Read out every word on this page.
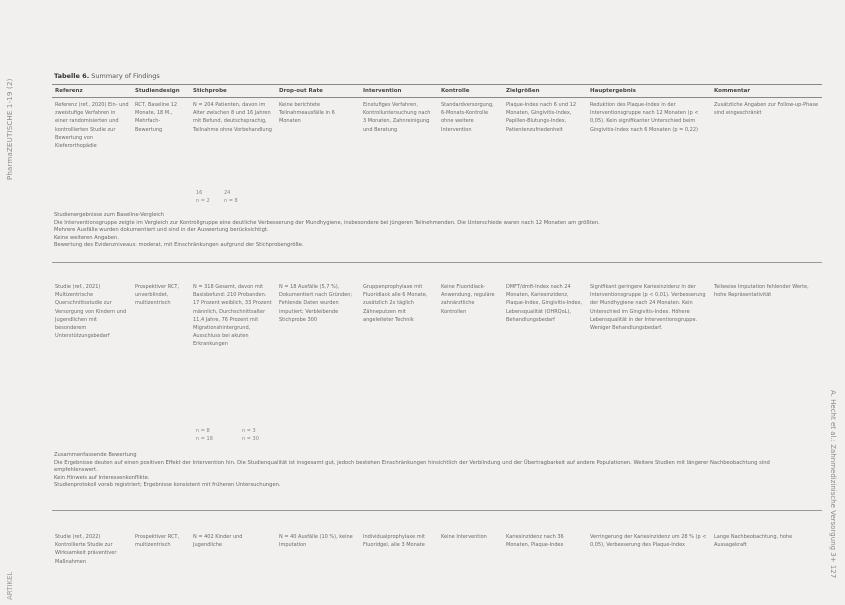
PharmaZEUTISCHE 1-19 (2)
ARTIKEL
A. Hecht et al.: Zahnmedizinische Versorgung 3+ 127
Tabelle 6. Summary of Findings
Referenz	Studiendesign	Stichprobe	Drop-out Rate	Intervention	Kontrolle	Zielgrößen	Hauptergebnis	Kommentar
Referenz (ref., 2020) Ein- und zweistufige Verfahren in einer randomisierten und kontrollierten Studie zur Bewertung von Kieferorthopädie	RCT, Baseline 12 Monate, 18 M., Mehrfach-Bewertung	N = 204 Patienten, davon im Alter zwischen 8 und 16 Jahren mit Befund, deutschsprachig, Teilnahme ohne Vorbehandlung	Keine berichtete Teilnahmeausfälle in 6 Monaten	Einstufiges Verfahren, Kontrolluntersuchung nach 3 Monaten, Zahnreinigung und Beratung	Standardversorgung, 6-Monats-Kontrolle ohne weitere Intervention	Plaque-Index nach 6 und 12 Monaten, Gingivitis-Index, Papillen-Blutungs-Index, Patientenzufriedenheit	Reduktion des Plaque-Index in der Interventionsgruppe nach 12 Monaten (p < 0,05). Kein signifikanter Unterschied beim Gingivitis-Index nach 6 Monaten (p = 0,22)	Zusätzliche Angaben zur Follow-up-Phase sind eingeschränkt
16	24
n = 2	n = 8
Studienergebnisse zum Baseline-Vergleich
Die Interventionsgruppe zeigte im Vergleich zur Kontrollgruppe eine deutliche Verbesserung der Mundhygiene, insbesondere bei jüngeren Teilnehmenden. Die Unterschiede waren nach 12 Monaten am größten.
Mehrere Ausfälle wurden dokumentiert und sind in der Auswertung berücksichtigt.
Keine weiteren Angaben.
Bewertung des Evidenzniveaus: moderat, mit Einschränkungen aufgrund der Stichprobengröße.
Studie (ref., 2021) Multizentrische Querschnittsstudie zur Versorgung von Kindern und Jugendlichen mit besonderem Unterstützungsbedarf	Prospektiver RCT, unverblindet, multizentrisch	N = 318 Gesamt, davon mit Basisbefund: 210 Probanden. 17 Prozent weiblich, 33 Prozent männlich, Durchschnittsalter 11,4 Jahre, 76 Prozent mit Migrationshintergrund, Ausschluss bei akuten Erkrankungen	N = 18 Ausfälle (5,7 %), Dokumentiert nach Gründen; Fehlende Daten wurden imputiert; Verbleibende Stichprobe 300	Gruppenprophylaxe mit Fluoridlack alle 6 Monate, zusätzlich 2x täglich Zähneputzen mit angeleiteter Technik	Keine Fluoridlack-Anwendung, reguläre zahnärztliche Kontrollen	DMFT/dmft-Index nach 24 Monaten, Kariesinzidenz, Plaque-Index, Gingivitis-Index, Lebensqualität (OHRQoL), Behandlungsbedarf	Signifikant geringere Kariesinzidenz in der Interventionsgruppe (p < 0,01). Verbesserung der Mundhygiene nach 24 Monaten. Kein Unterschied im Gingivitis-Index. Höhere Lebensqualität in der Interventionsgruppe. Weniger Behandlungsbedarf.	Teilweise Imputation fehlender Werte, hohe Repräsentativität
n = 8	n = 3
n = 18	n = 30
Zusammenfassende Bewertung
Die Ergebnisse deuten auf einen positiven Effekt der Intervention hin. Die Studienqualität ist insgesamt gut, jedoch bestehen Einschränkungen hinsichtlich der Verblindung und der Übertragbarkeit auf andere Populationen. Weitere Studien mit längerer Nachbeobachtung sind empfehlenswert.
Kein Hinweis auf Interessenkonflikte.
Studienprotokoll vorab registriert; Ergebnisse konsistent mit früheren Untersuchungen.
Studie (ref., 2022) Kontrollierte Studie zur Wirksamkeit präventiver Maßnahmen	Prospektiver RCT, multizentrisch	N = 402 Kinder und Jugendliche	N = 40 Ausfälle (10 %), keine Imputation	Individualprophylaxe mit Fluoridgel, alle 3 Monate	Keine Intervention	Kariesinzidenz nach 36 Monaten, Plaque-Index	Verringerung der Kariesinzidenz um 28 % (p < 0,05), Verbesserung des Plaque-Index	Lange Nachbeobachtung, hohe Aussagekraft
